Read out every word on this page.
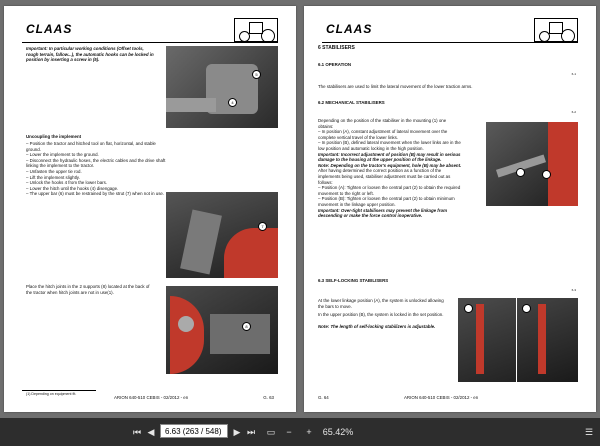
CLAAS
Important: In particular working conditions (Offset tools, rough terrain, fallow...), the automatic hooks can be locked in position by inserting a screw in (5).
5
4
Uncoupling the implement
– Position the tractor and hitched tool on flat, horizontal, and stable ground.
– Lower the implement to the ground.
– Disconnect the hydraulic hoses, the electric cables and the drive shaft linking the implement to the tractor.
– Unfasten the upper tie rod.
– Lift the implement slightly.
– Unlock the hooks 4 from the lower bars.
– Lower the hitch until the hooks (4) disengage.
– The upper bar (6) must be restrained by the strut (7) when not in use.
7
Place the hitch joints in the 2 supports (8) located at the back of the tractor when hitch joints are not in use(1).
8
(1) Depending on equipment fit.
ARION 640-510 CEBIS - 02/2012 - en	G. 63
CLAAS
6 STABILISERS
6.1 OPERATION
6-1
The stabilisers are used to limit the lateral movement of the lower traction arms.
6.2 MECHANICAL STABILISERS
6-2
Depending on the position of the stabiliser in the mounting (1) one obtains:
– In position (A), constant adjustment of lateral movement over the complete vertical travel of the lower links.
– In position (B), defined lateral movement when the lower links are in the low position and automatic locking in the high position.
Important: Incorrect adjustment of position (B) may result in serious damage to the housing at the upper position of the linkage.
Note: Depending on the tractor's equipment, hole (B) may be absent.
After having determined the correct position as a function of the implements being used, stabiliser adjustment must be carried out as follows:
– Position (A): Tighten or loosen the central part (2) to obtain the required movement to the right or left.
– Position (B): Tighten or loosen the central part (2) to obtain minimum movement in the linkage upper position.
Important: Over-tight stabilisers may prevent the linkage from descending or make the force control inoperative.
6.3 SELF-LOCKING STABILISERS
6-3
At the lower linkage position (A), the system is unlocked allowing the bars to move.
In the upper position (B), the system is locked in the set position.
Note: The length of self-locking stabilizers is adjustable.
ARION 640-510 CEBIS - 02/2012 - en
G. 64
⏮ ◀	6.63 (263 / 548)	▶ ⏭	▭	−	+	65.42%	☰
